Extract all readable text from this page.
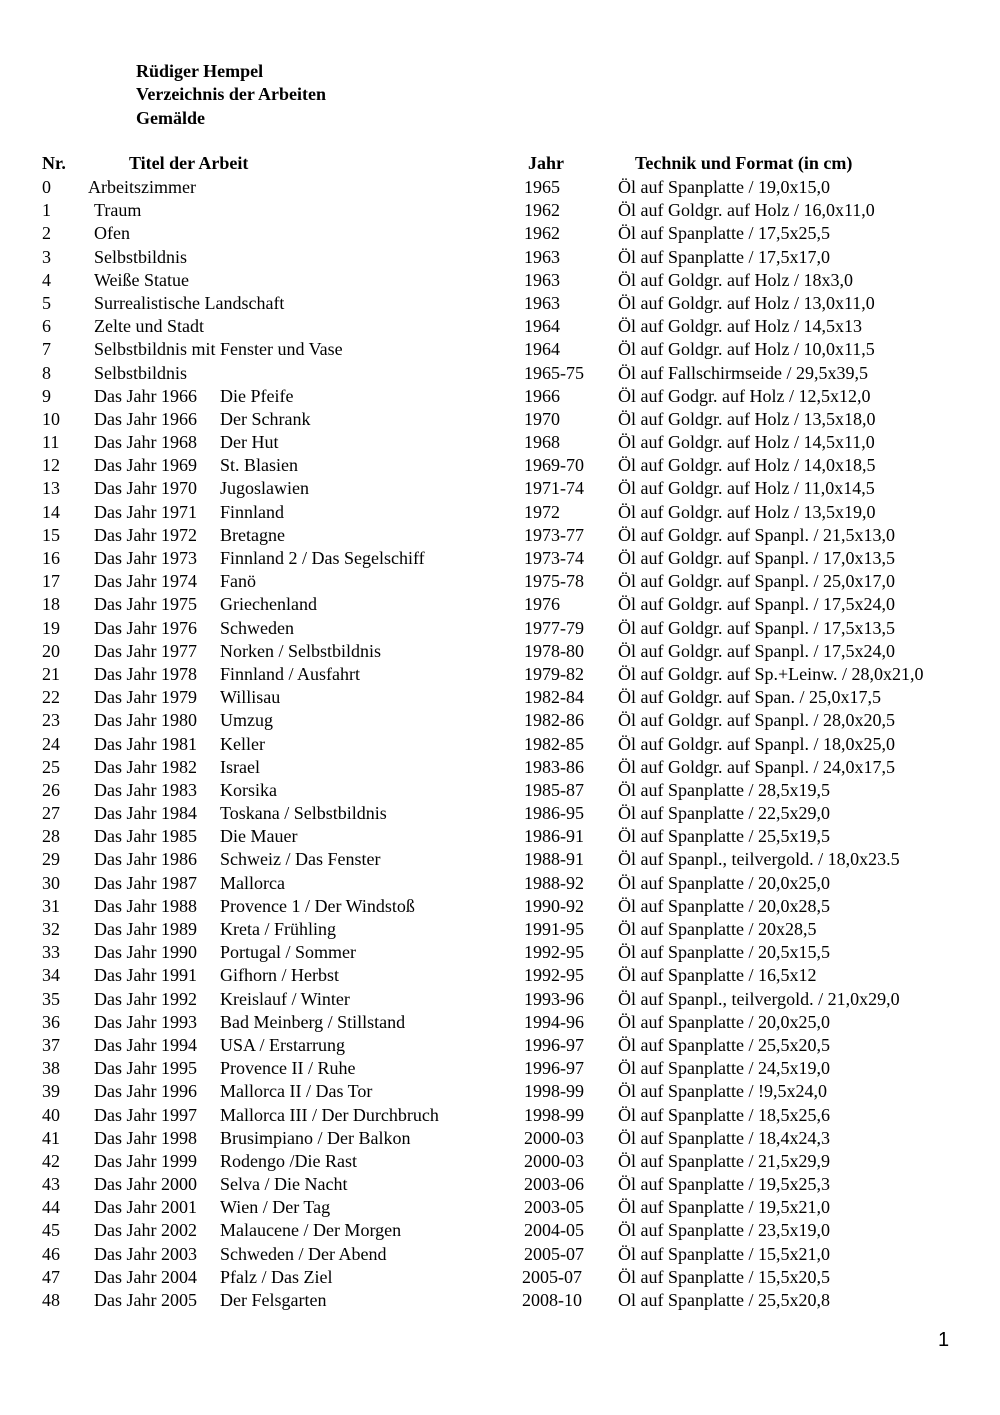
Rüdiger Hempel
Verzeichnis der Arbeiten
Gemälde
Nr.	Titel der Arbeit	Jahr	Technik und Format (in cm)
0 Arbeitszimmer	1965	Öl auf Spanplatte / 19,0x15,0
1 Traum	1962	Öl auf Goldgr. auf Holz / 16,0x11,0
2 Ofen	1962	Öl auf Spanplatte / 17,5x25,5
3 Selbstbildnis	1963	Öl auf Spanplatte / 17,5x17,0
4 Weiße Statue	1963	Öl auf Goldgr. auf Holz / 18x3,0
5 Surrealistische Landschaft	1963	Öl auf Goldgr. auf Holz / 13,0x11,0
6 Zelte und Stadt	1964	Öl auf Goldgr. auf Holz / 14,5x13
7 Selbstbildnis mit Fenster und Vase	1964	Öl auf Goldgr. auf Holz / 10,0x11,5
8 Selbstbildnis	1965-75 Öl auf Fallschirmseide / 29,5x39,5
9 Das Jahr 1966 Die Pfeife	1966	Öl auf Godgr. auf Holz / 12,5x12,0
10 Das Jahr 1966 Der Schrank	1970	Öl auf Goldgr. auf Holz / 13,5x18,0
11 Das Jahr 1968 Der Hut	1968	Öl auf Goldgr. auf Holz / 14,5x11,0
12 Das Jahr 1969 St. Blasien	1969-70 Öl auf Goldgr. auf Holz / 14,0x18,5
13 Das Jahr 1970 Jugoslawien	1971-74 Öl auf Goldgr. auf Holz / 11,0x14,5
14 Das Jahr 1971 Finnland	1972	Öl auf Goldgr. auf Holz / 13,5x19,0
15 Das Jahr 1972 Bretagne	1973-77 Öl auf Goldgr. auf Spanpl. / 21,5x13,0
16 Das Jahr 1973 Finnland 2 / Das Segelschiff	1973-74 Öl auf Goldgr. auf Spanpl. / 17,0x13,5
17 Das Jahr 1974 Fanö	1975-78 Öl auf Goldgr. auf Spanpl. / 25,0x17,0
18 Das Jahr 1975 Griechenland	1976	Öl auf Goldgr. auf Spanpl. / 17,5x24,0
19 Das Jahr 1976 Schweden	1977-79 Öl auf Goldgr. auf Spanpl. / 17,5x13,5
20 Das Jahr 1977 Norken / Selbstbildnis	1978-80 Öl auf Goldgr. auf Spanpl. / 17,5x24,0
21 Das Jahr 1978 Finnland / Ausfahrt	1979-82 Öl auf Goldgr. auf Sp.+Leinw. / 28,0x21,0
22 Das Jahr 1979 Willisau	1982-84 Öl auf Goldgr. auf Span. / 25,0x17,5
23 Das Jahr 1980 Umzug	1982-86 Öl auf Goldgr. auf Spanpl. / 28,0x20,5
24 Das Jahr 1981 Keller	1982-85 Öl auf Goldgr. auf Spanpl. / 18,0x25,0
25 Das Jahr 1982 Israel	1983-86 Öl auf Goldgr. auf Spanpl. / 24,0x17,5
26 Das Jahr 1983 Korsika	1985-87 Öl auf Spanplatte / 28,5x19,5
27 Das Jahr 1984 Toskana / Selbstbildnis	1986-95 Öl auf Spanplatte / 22,5x29,0
28 Das Jahr 1985 Die Mauer	1986-91 Öl auf Spanplatte / 25,5x19,5
29 Das Jahr 1986 Schweiz / Das Fenster	1988-91 Öl auf Spanpl., teilvergold. / 18,0x23.5
30 Das Jahr 1987 Mallorca	1988-92 Öl auf Spanplatte / 20,0x25,0
31 Das Jahr 1988 Provence 1 / Der Windstoß	1990-92 Öl auf Spanplatte / 20,0x28,5
32 Das Jahr 1989 Kreta / Frühling	1991-95 Öl auf Spanplatte / 20x28,5
33 Das Jahr 1990 Portugal / Sommer	1992-95 Öl auf Spanplatte / 20,5x15,5
34 Das Jahr 1991 Gifhorn / Herbst	1992-95 Öl auf Spanplatte / 16,5x12
35 Das Jahr 1992 Kreislauf / Winter	1993-96 Öl auf Spanpl., teilvergold. / 21,0x29,0
36 Das Jahr 1993 Bad Meinberg / Stillstand	1994-96 Öl auf Spanplatte / 20,0x25,0
37 Das Jahr 1994 USA / Erstarrung	1996-97 Öl auf Spanplatte / 25,5x20,5
38 Das Jahr 1995 Provence II / Ruhe	1996-97 Öl auf Spanplatte / 24,5x19,0
39 Das Jahr 1996 Mallorca II / Das Tor	1998-99 Öl auf Spanplatte / !9,5x24,0
40 Das Jahr 1997 Mallorca III / Der Durchbruch	1998-99 Öl auf Spanplatte / 18,5x25,6
41 Das Jahr 1998 Brusimpiano / Der Balkon	2000-03 Öl auf Spanplatte / 18,4x24,3
42 Das Jahr 1999 Rodengo /Die Rast	2000-03 Öl auf Spanplatte / 21,5x29,9
43 Das Jahr 2000 Selva / Die Nacht	2003-06 Öl auf Spanplatte / 19,5x25,3
44 Das Jahr 2001 Wien / Der Tag	2003-05 Öl auf Spanplatte / 19,5x21,0
45 Das Jahr 2002 Malaucene / Der Morgen	2004-05 Öl auf Spanplatte / 23,5x19,0
46 Das Jahr 2003 Schweden / Der Abend	2005-07 Öl auf Spanplatte / 15,5x21,0
47 Das Jahr 2004 Pfalz / Das Ziel	2005-07 Öl auf Spanplatte / 15,5x20,5
48 Das Jahr 2005 Der Felsgarten	2008-10 Ol auf Spanplatte / 25,5x20,8
1
